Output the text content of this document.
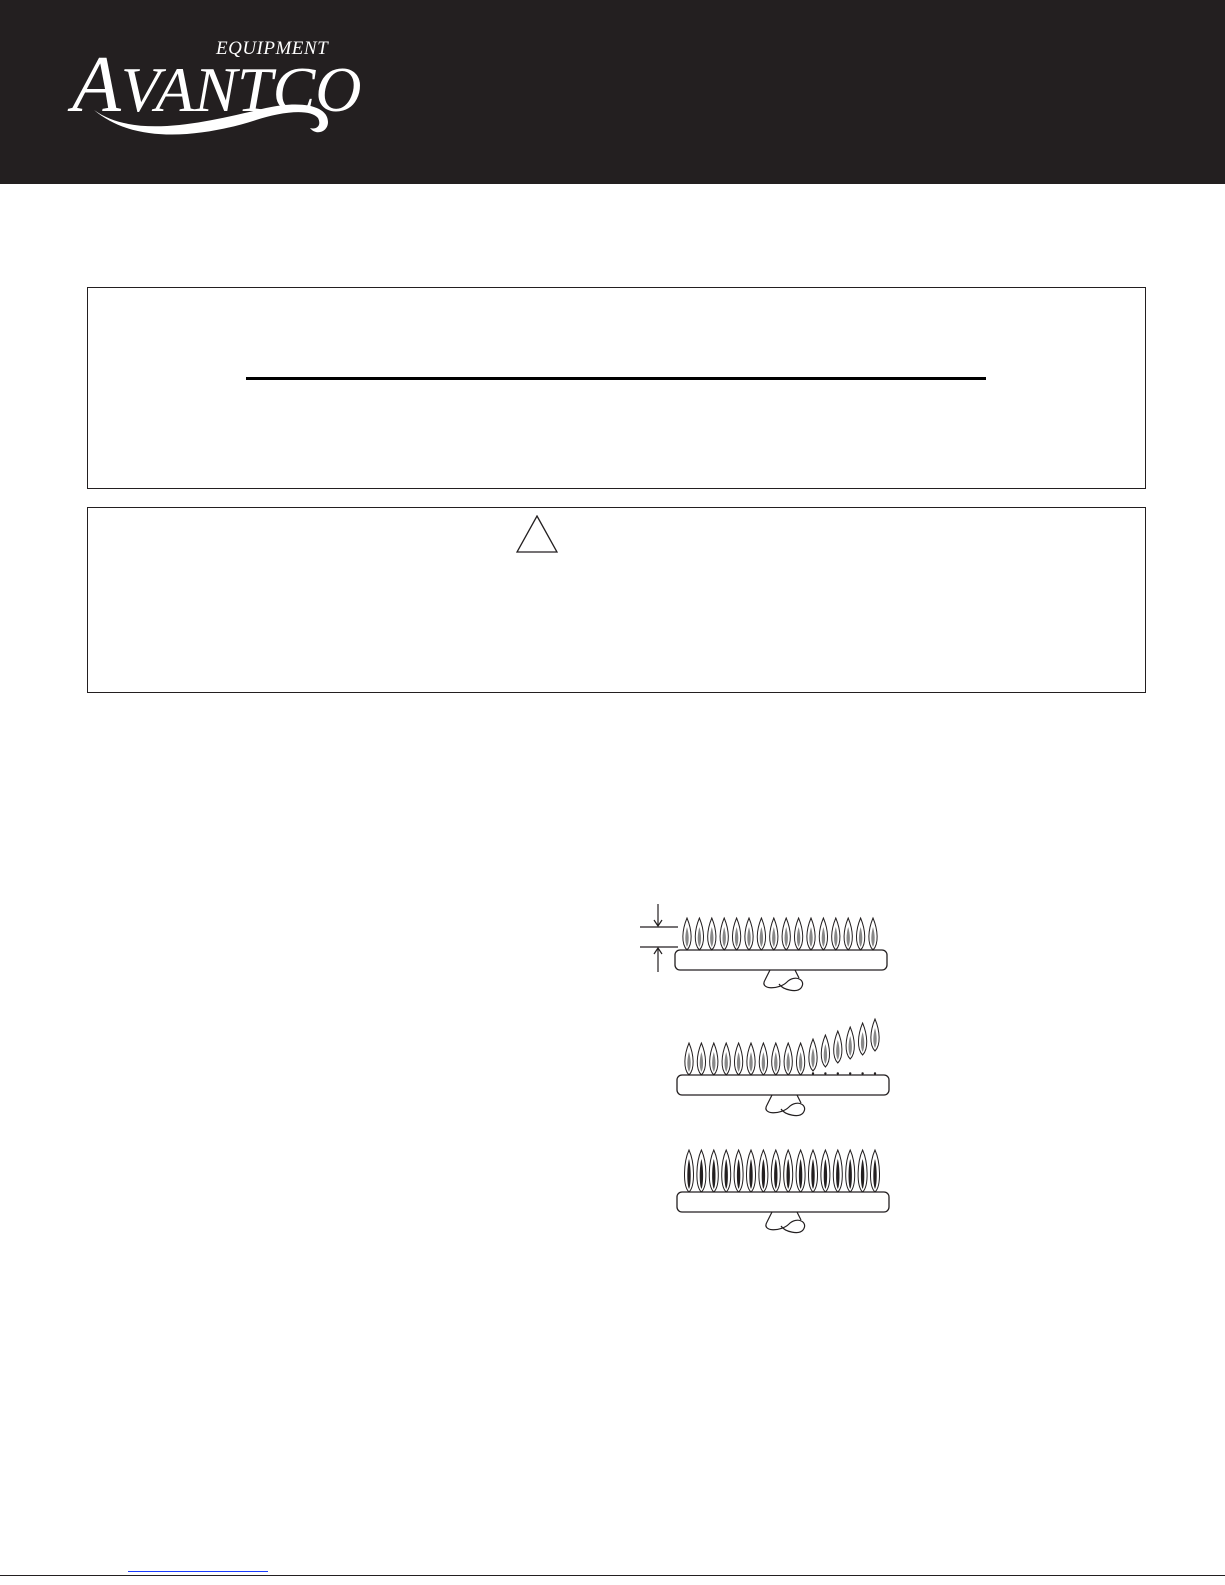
EQUIPMENT
AVANTCO
